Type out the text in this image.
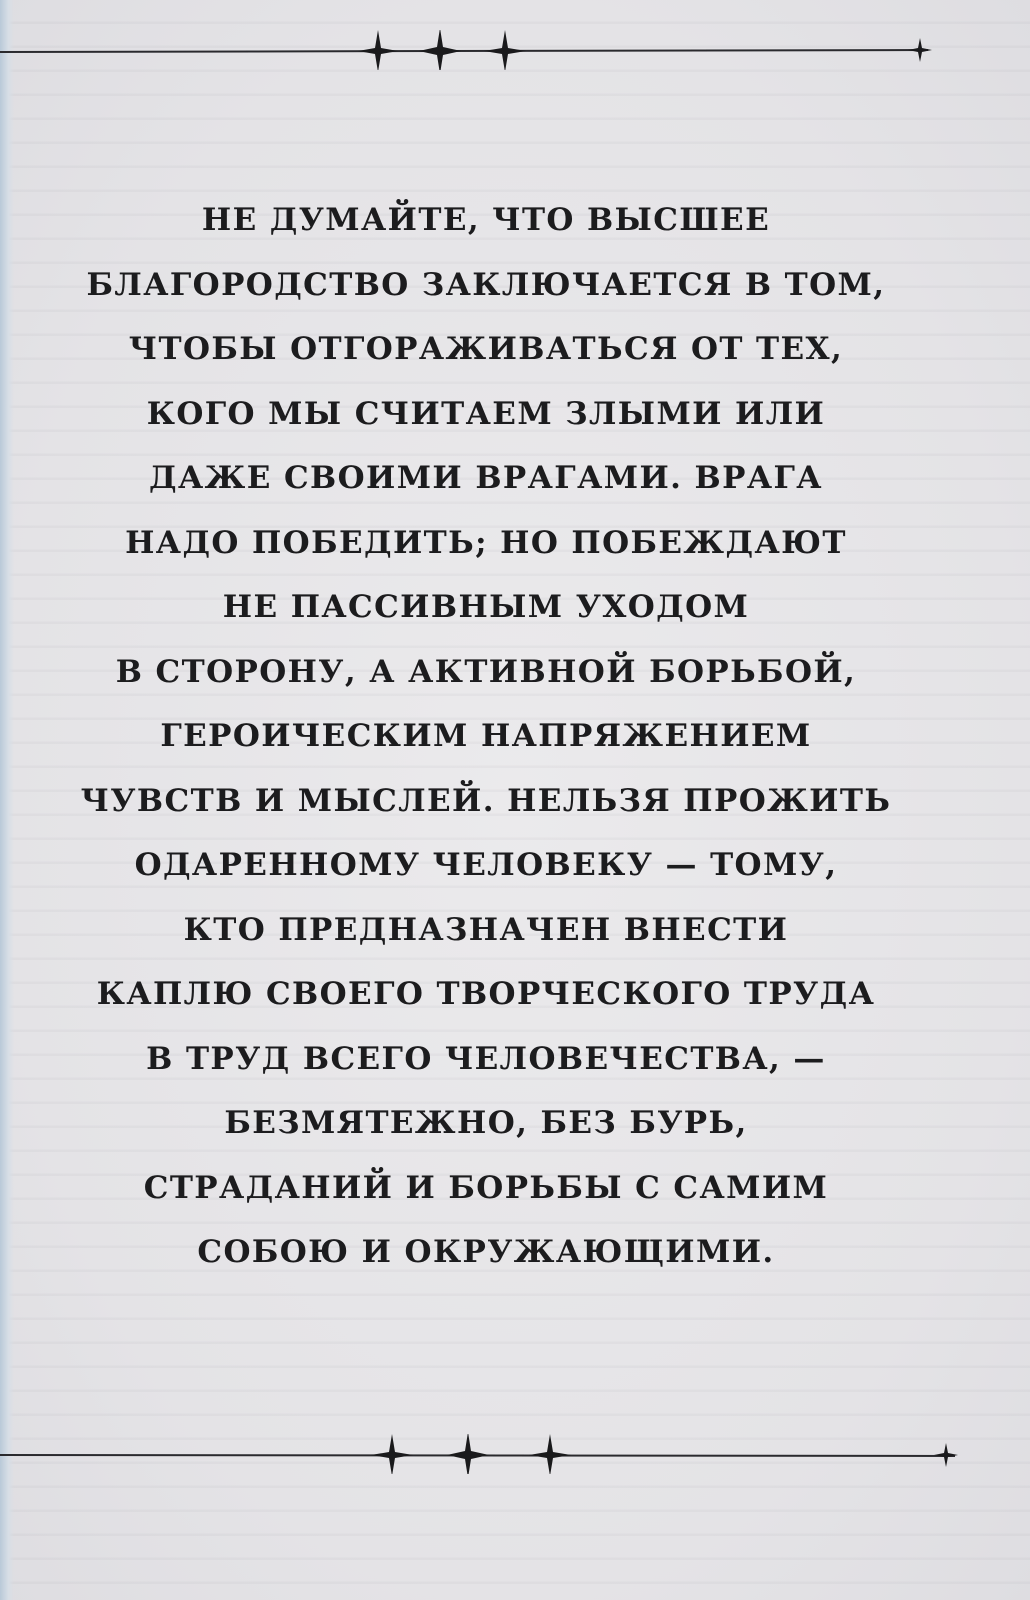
НЕ ДУМАЙТЕ, ЧТО ВЫСШЕЕ
БЛАГОРОДСТВО ЗАКЛЮЧАЕТСЯ В ТОМ,
ЧТОБЫ ОТГОРАЖИВАТЬСЯ ОТ ТЕХ,
КОГО МЫ СЧИТАЕМ ЗЛЫМИ ИЛИ
ДАЖЕ СВОИМИ ВРАГАМИ. ВРАГА
НАДО ПОБЕДИТЬ; НО ПОБЕЖДАЮТ
НЕ ПАССИВНЫМ УХОДОМ
В СТОРОНУ, А АКТИВНОЙ БОРЬБОЙ,
ГЕРОИЧЕСКИМ НАПРЯЖЕНИЕМ
ЧУВСТВ И МЫСЛЕЙ. НЕЛЬЗЯ ПРОЖИТЬ
ОДАРЕННОМУ ЧЕЛОВЕКУ — ТОМУ,
КТО ПРЕДНАЗНАЧЕН ВНЕСТИ
КАПЛЮ СВОЕГО ТВОРЧЕСКОГО ТРУДА
В ТРУД ВСЕГО ЧЕЛОВЕЧЕСТВА, —
БЕЗМЯТЕЖНО, БЕЗ БУРЬ,
СТРАДАНИЙ И БОРЬБЫ С САМИМ
СОБОЮ И ОКРУЖАЮЩИМИ.
